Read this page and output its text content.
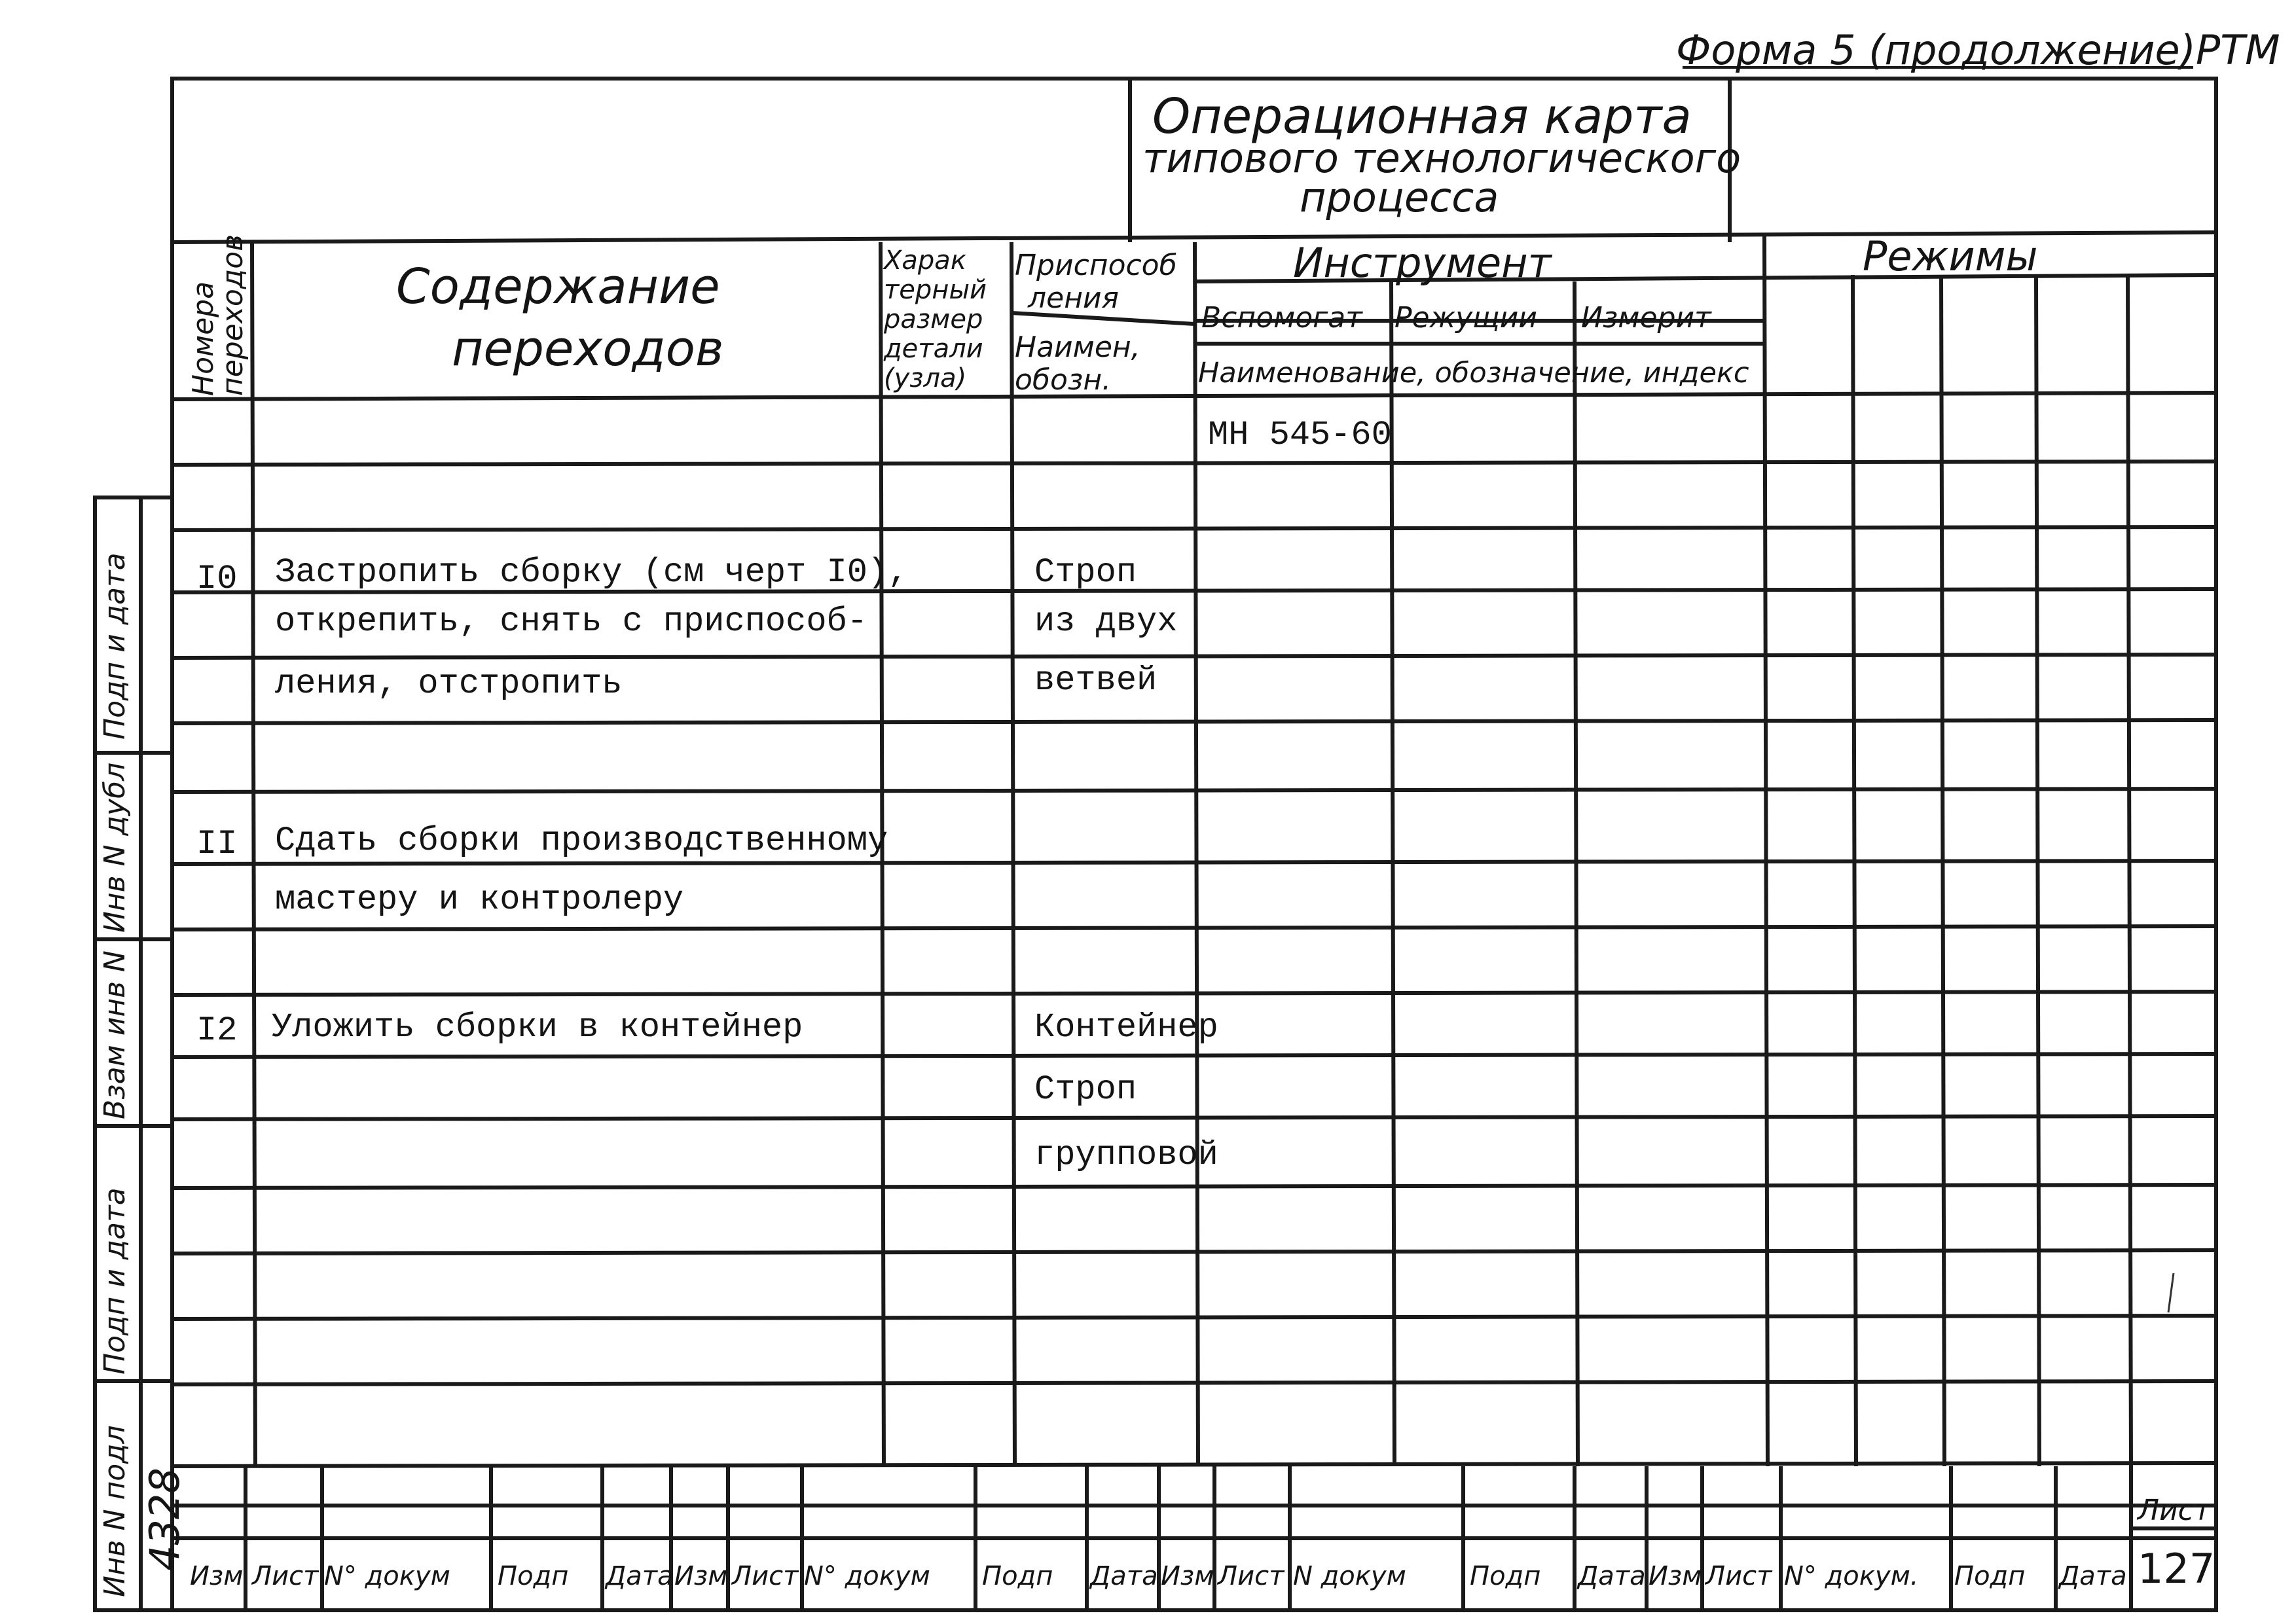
Форма 5 (продолжение)РТМ
Операционная карта
типового технологического
процесса
Номера
переходов	Содержание
переходов
Харак
терный
размер
детали
(узла)
Приспособ
ления
Наимен,
обозн.
Инструмент
Вспомогат Режущии Измерит
Наименование, обозначение, индекс
Режимы
МН 545-60
I0 Застропить сборку (см черт I0),
открепить, снять с приспособ-
ления, отстропить
Строп
из двух
ветвей
II Сдать сборки производственному
мастеру и контролеру
I2 Уложить сборки в контейнер	Контейнер
Строп
групповой
Подп и дата
Инв N дубл
Взам инв N
Подп и дата
Инв N подл 4328
Изм Лист N° докум Подп Дата Изм Лист N° докум Подп Дата Изм Лист N докум Подп Дата Изм Лист N° докум. Подп Дата
Лист
127
